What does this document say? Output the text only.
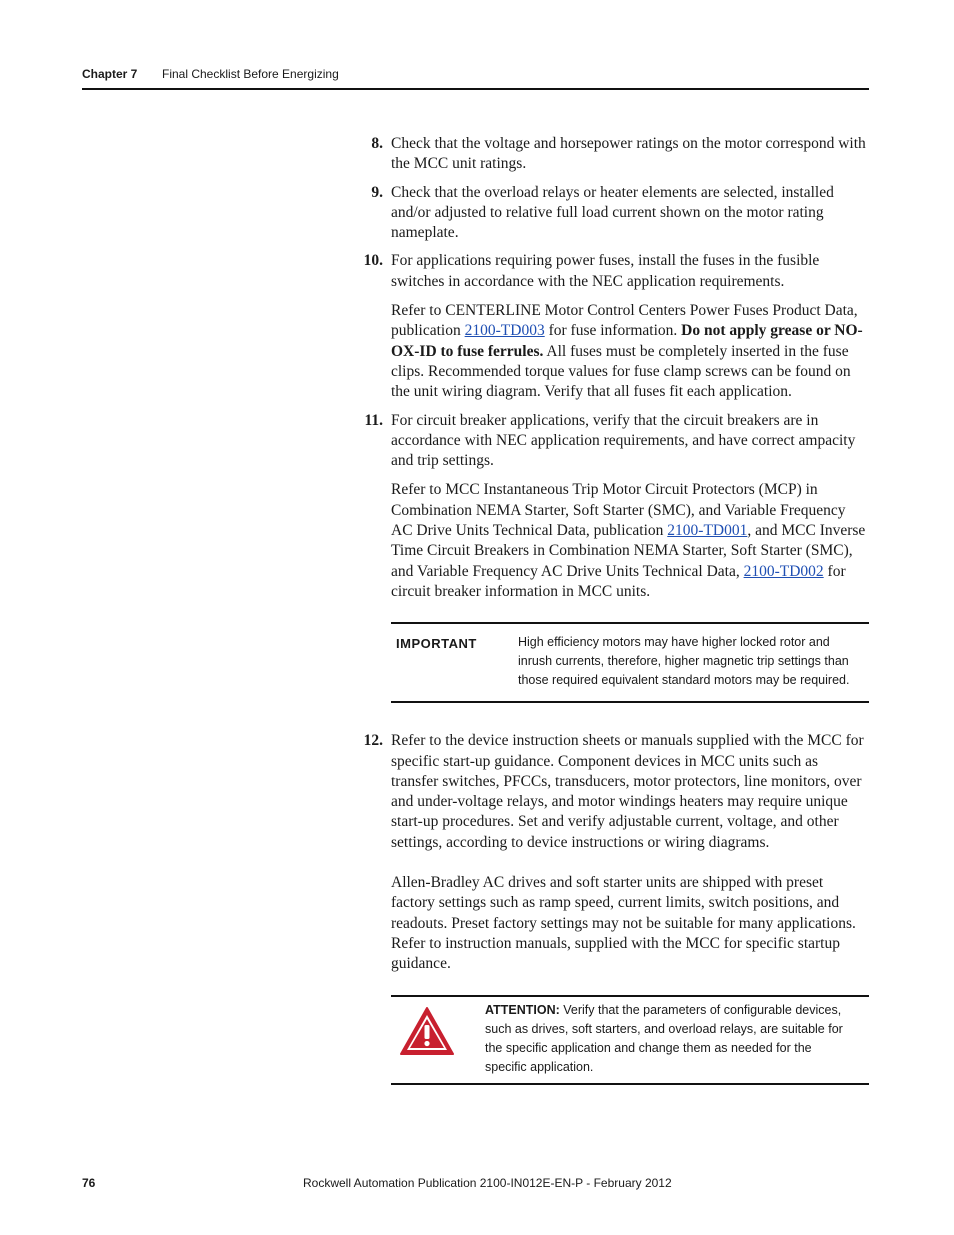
Chapter 7 Final Checklist Before Energizing
8. Check that the voltage and horsepower ratings on the motor correspond with the MCC unit ratings.

9. Check that the overload relays or heater elements are selected, installed and/or adjusted to relative full load current shown on the motor rating nameplate.

10. For applications requiring power fuses, install the fuses in the fusible switches in accordance with the NEC application requirements.

Refer to CENTERLINE Motor Control Centers Power Fuses Product Data, publication 2100-TD003 for fuse information. Do not apply grease or NO-OX-ID to fuse ferrules. All fuses must be completely inserted in the fuse clips. Recommended torque values for fuse clamp screws can be found on the unit wiring diagram. Verify that all fuses fit each application.

11. For circuit breaker applications, verify that the circuit breakers are in accordance with NEC application requirements, and have correct ampacity and trip settings.

Refer to MCC Instantaneous Trip Motor Circuit Protectors (MCP) in Combination NEMA Starter, Soft Starter (SMC), and Variable Frequency AC Drive Units Technical Data, publication 2100-TD001, and MCC Inverse Time Circuit Breakers in Combination NEMA Starter, Soft Starter (SMC), and Variable Frequency AC Drive Units Technical Data, 2100-TD002 for circuit breaker information in MCC units.

IMPORTANT	High efficiency motors may have higher locked rotor and inrush currents, therefore, higher magnetic trip settings than those required equivalent standard motors may be required.
12. Refer to the device instruction sheets or manuals supplied with the MCC for specific start-up guidance. Component devices in MCC units such as transfer switches, PFCCs, transducers, motor protectors, line monitors, over and under-voltage relays, and motor windings heaters may require unique start-up procedures. Set and verify adjustable current, voltage, and other settings, according to device instructions or wiring diagrams.

Allen-Bradley AC drives and soft starter units are shipped with preset factory settings such as ramp speed, current limits, switch positions, and readouts. Preset factory settings may not be suitable for many applications. Refer to instruction manuals, supplied with the MCC for specific startup guidance.

ATTENTION: Verify that the parameters of configurable devices, such as drives, soft starters, and overload relays, are suitable for the specific application and change them as needed for the specific application.
76	Rockwell Automation Publication 2100-IN012E-EN-P - February 2012
